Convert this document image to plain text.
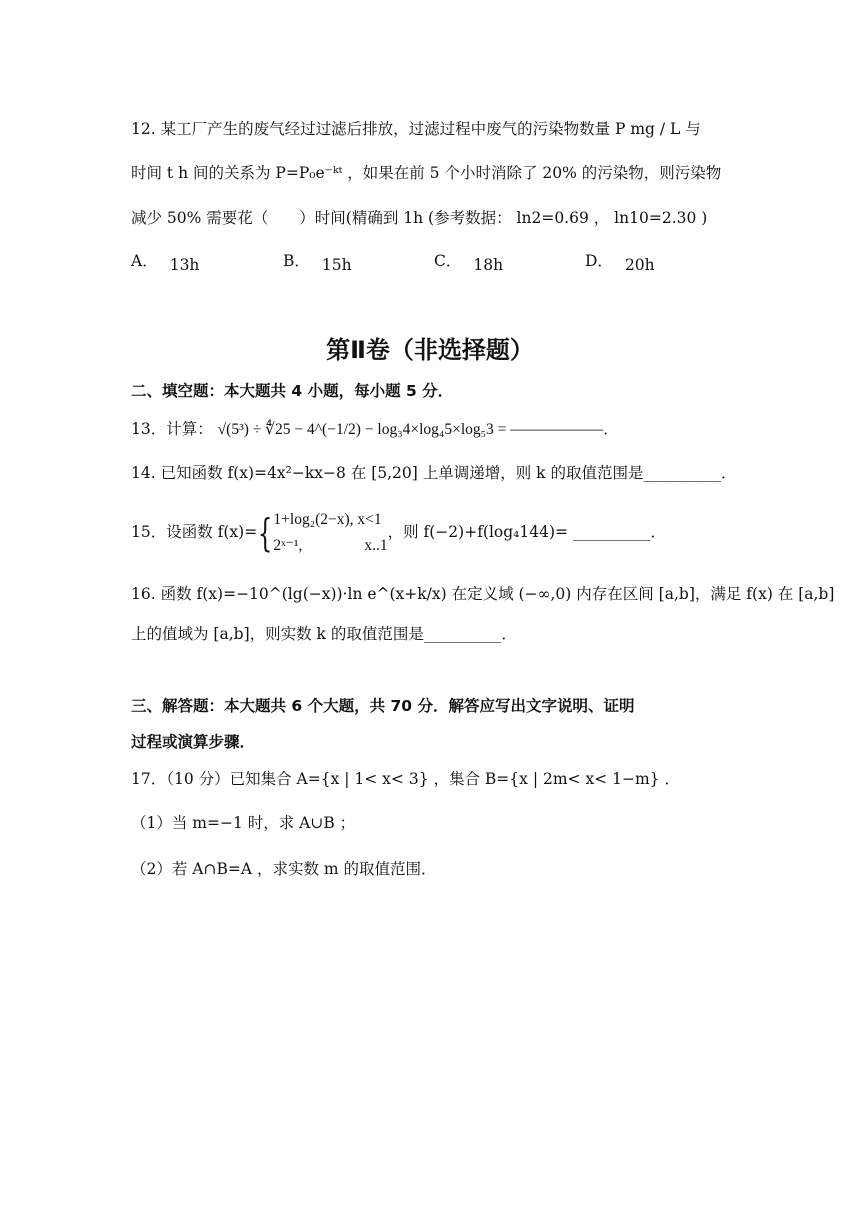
12. 某工厂产生的废气经过过滤后排放，过滤过程中废气的污染物数量 P mg / L 与
时间 t h 间的关系为 P=P₀e⁻ᵏᵗ ，如果在前 5 个小时消除了 20% 的污染物，则污染物
减少 50% 需要花（　　）时间(精确到 1h (参考数据： ln2=0.69 ， ln10=2.30 )
A． 13h	B． 15h	C． 18h	D． 20h
第Ⅱ卷（非选择题）
二、填空题：本大题共 4 小题，每小题 5 分．
13．计算： √(5³) ÷ ∜25 − 4^(−1/2) − log₃4×log₄5×log₅3 = ——————．
14. 已知函数 f(x)=4x²−kx−8 在 [5,20] 上单调递增，则 k 的取值范围是__________．
15．设函数 f(x)={ 1+log₂(2−x), x<1
2ˣ⁻¹,　　　　x..1
，则 f(−2)+f(log₄144)= __________．
16. 函数 f(x)=−10^(lg(−x))·ln e^(x+k/x) 在定义域 (−∞,0) 内存在区间 [a,b]，满足 f(x) 在 [a,b]
上的值域为 [a,b]，则实数 k 的取值范围是__________．
三、解答题：本大题共 6 个大题，共 70 分．解答应写出文字说明、证明
过程或演算步骤．
17．（10 分）已知集合 A={x | 1< x< 3} ，集合 B={x | 2m< x< 1−m} ．
（1）当 m=−1 时，求 A∪B ；
（2）若 A∩B=A ，求实数 m 的取值范围．
